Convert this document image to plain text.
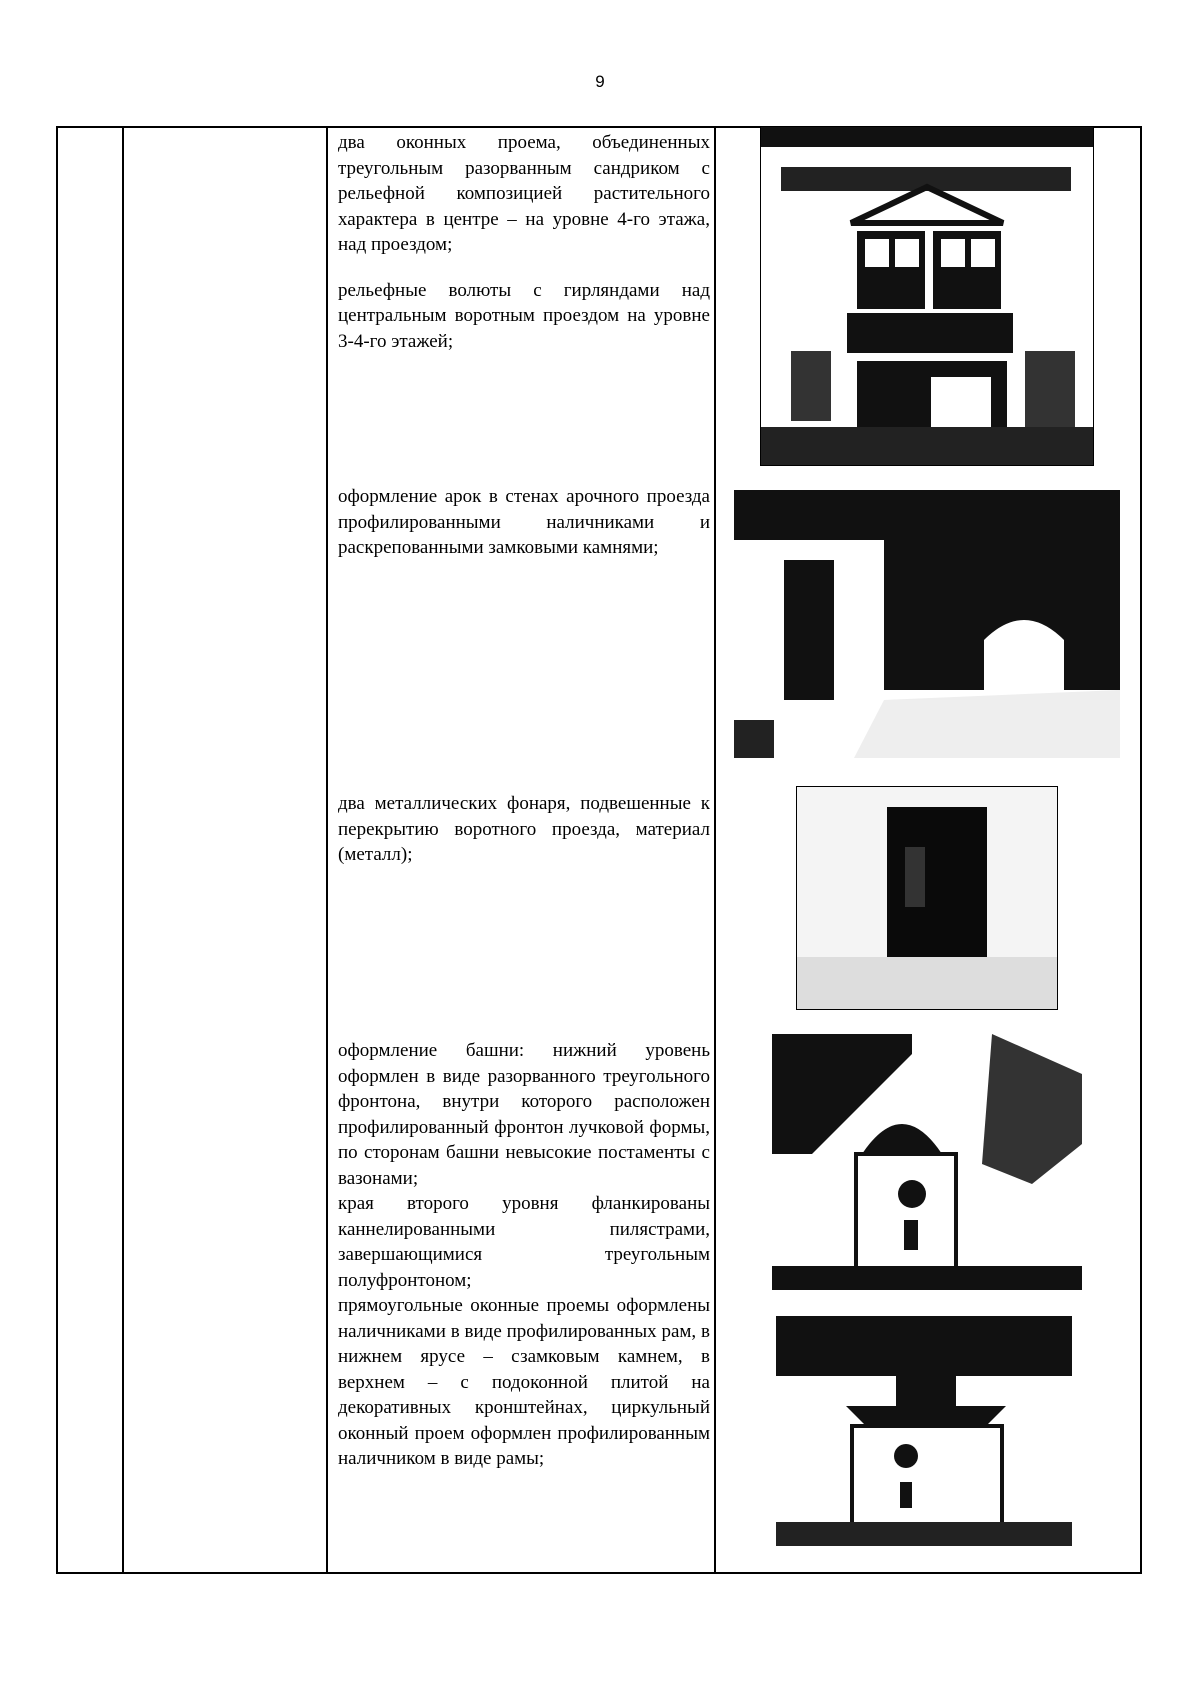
9

два оконных проема, объединенных треугольным разорванным сандриком с рельефной композицией растительного характера в центре – на уровне 4-го этажа, над проездом;

рельефные волюты с гирляндами над центральным воротным проездом на уровне 3-4-го этажей;

оформление арок в стенах арочного проезда профилированными наличниками и раскрепованными замковыми камнями;

два металлических фонаря, подвешенные к перекрытию воротного проезда, материал (металл);

оформление башни: нижний уровень оформлен в виде разорванного треугольного фронтона, внутри которого расположен профилированный фронтон лучковой формы, по сторонам башни невысокие постаменты с вазонами;

края второго уровня фланкированы каннелированными пилястрами, завершающимися треугольным полуфронтоном;

прямоугольные оконные проемы оформлены наличниками в виде профилированных рам, в нижнем ярусе – сзамковым камнем, в верхнем – с подоконной плитой на декоративных кронштейнах, циркульный оконный проем оформлен профилированным наличником в виде рамы;
